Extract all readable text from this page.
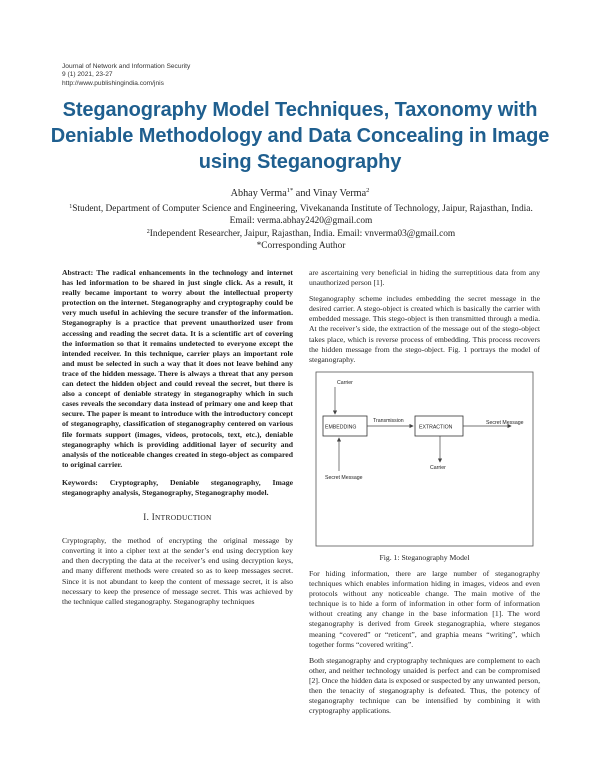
Journal of Network and Information Security
9 (1) 2021, 23-27
http://www.publishingindia.com/jnis
Steganography Model Techniques, Taxonomy with Deniable Methodology and Data Concealing in Image using Steganography
Abhay Verma$^{1*}$ and Vinay Verma$^2$
$^1$Student, Department of Computer Science and Engineering, Vivekananda Institute of Technology, Jaipur, Rajasthan, India. Email: verma.abhay2420@gmail.com
$^2$Independent Researcher, Jaipur, Rajasthan, India. Email: vnverma03@gmail.com
*Corresponding Author
Abstract: The radical enhancements in the technology and internet has led information to be shared in just single click. As a result, it really became important to worry about the intellectual property protection on the internet. Steganography and cryptography could be very much useful in achieving the secure transfer of the information. Steganography is a practice that prevent unauthorized user from accessing and reading the secret data. It is a scientific art of covering the information so that it remains undetected to everyone except the intended receiver. In this technique, carrier plays an important role and must be selected in such a way that it does not leave behind any trace of the hidden message. There is always a threat that any person can detect the hidden object and could reveal the secret, but there is also a concept of deniable strategy in steganography which in such cases reveals the secondary data instead of primary one and keep that secure. The paper is meant to introduce with the introductory concept of steganography, classification of steganography centered on various file formats support (images, videos, protocols, text, etc.), deniable steganography which is providing additional layer of security and analysis of the noticeable changes created in stego-object as compared to original carrier.
Keywords: Cryptography, Deniable steganography, Image steganography analysis, Steganography, Steganography model.
I. INTRODUCTION

Cryptography, the method of encrypting the original message by converting it into a cipher text at the sender’s end using decryption key and then decrypting the data at the receiver’s end using decryption keys, and many different methods were created so as to keep messages secret. Since it is not abundant to keep the content of message secret, it is also necessary to keep the presence of message secret. This was achieved by the technique called steganography. Steganography techniques

are ascertaining very beneficial in hiding the surreptitious data from any unauthorized person [1].

Steganography scheme includes embedding the secret message in the desired carrier. A stego-object is created which is basically the carrier with embedded message. This stego-object is then transmitted through a media. At the receiver’s side, the extraction of the message out of the stego-object takes place, which is reverse process of embedding. This process recovers the hidden message from the stego-object. Fig. 1 portrays the model of steganography.

Carrier
EMBEDDING
Transmission
EXTRACTION
Secret Message
Secret Message
Carrier
Fig. 1: Steganography Model

For hiding information, there are large number of steganography techniques which enables information hiding in images, videos and even protocols without any noticeable change. The main motive of the technique is to hide a form of information in other form of information without creating any change in the base information [1]. The word steganography is derived from Greek steganographia, where steganos meaning “covered” or “reticent”, and graphia means “writing”, which together forms “covered writing”.

Both steganography and cryptography techniques are complement to each other, and neither technology unaided is perfect and can be compromised [2]. Once the hidden data is exposed or suspected by any unwanted person, then the tenacity of steganography is defeated. Thus, the potency of steganography technique can be intensified by combining it with cryptography applications.
